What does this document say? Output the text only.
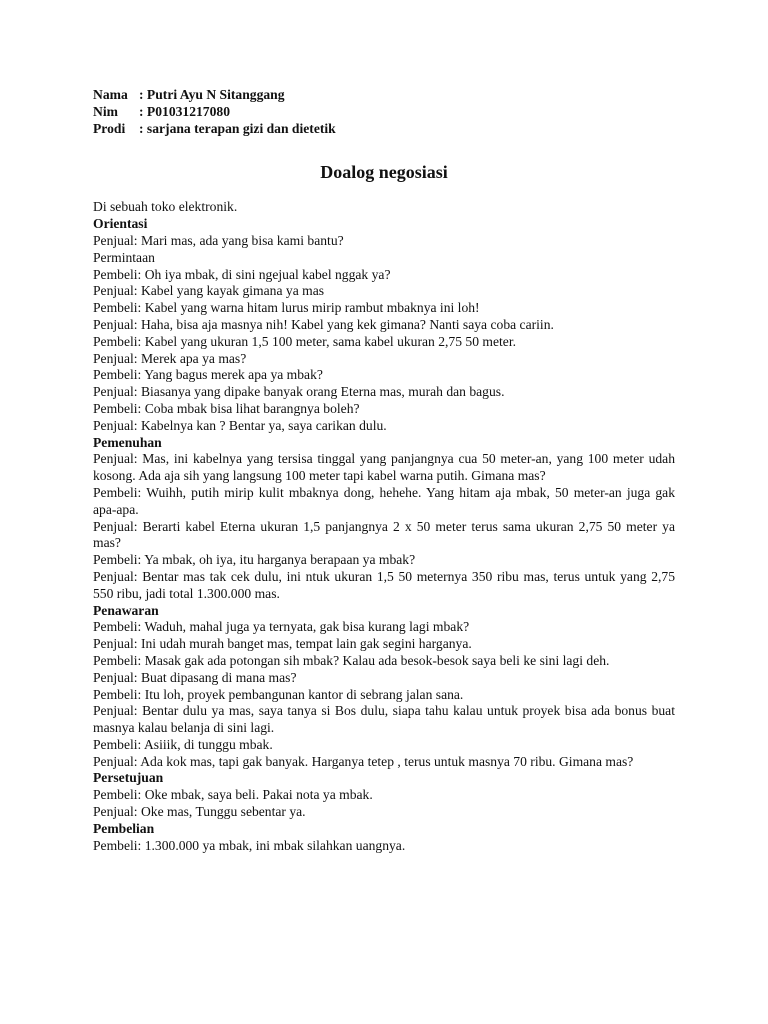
Nama	: Putri Ayu N Sitanggang
Nim	: P01031217080
Prodi	: sarjana terapan gizi dan dietetik
Doalog negosiasi

Di sebuah toko elektronik.

Orientasi

Penjual: Mari mas, ada yang bisa kami bantu?

Permintaan

Pembeli: Oh iya mbak, di sini ngejual kabel nggak ya?

Penjual: Kabel yang kayak gimana ya mas

Pembeli: Kabel yang warna hitam lurus mirip rambut mbaknya ini loh!

Penjual: Haha, bisa aja masnya nih! Kabel yang kek gimana? Nanti saya coba cariin.

Pembeli: Kabel yang ukuran 1,5 100 meter, sama kabel ukuran 2,75 50 meter.

Penjual: Merek apa ya mas?

Pembeli: Yang bagus merek apa ya mbak?

Penjual: Biasanya yang dipake banyak orang Eterna mas, murah dan bagus.

Pembeli: Coba mbak bisa lihat barangnya boleh?

Penjual: Kabelnya kan ? Bentar ya, saya carikan dulu.

Pemenuhan

Penjual: Mas, ini kabelnya yang tersisa tinggal yang panjangnya cua 50 meter-an, yang 100 meter udah kosong. Ada aja sih yang langsung 100 meter tapi kabel warna putih. Gimana mas?

Pembeli: Wuihh, putih mirip kulit mbaknya dong, hehehe. Yang hitam aja mbak, 50 meter-an juga gak apa-apa.

Penjual: Berarti kabel Eterna ukuran 1,5 panjangnya 2 x 50 meter terus sama ukuran 2,75 50 meter ya mas?

Pembeli: Ya mbak, oh iya, itu harganya berapaan ya mbak?

Penjual: Bentar mas tak cek dulu, ini ntuk ukuran 1,5 50 meternya 350 ribu mas, terus untuk yang 2,75 550 ribu, jadi total 1.300.000 mas.

Penawaran

Pembeli: Waduh, mahal juga ya ternyata, gak bisa kurang lagi mbak?

Penjual: Ini udah murah banget mas, tempat lain gak segini harganya.

Pembeli: Masak gak ada potongan sih mbak? Kalau ada besok-besok saya beli ke sini lagi deh.

Penjual: Buat dipasang di mana mas?

Pembeli: Itu loh, proyek pembangunan kantor di sebrang jalan sana.

Penjual: Bentar dulu ya mas, saya tanya si Bos dulu, siapa tahu kalau untuk proyek bisa ada bonus buat masnya kalau belanja di sini lagi.

Pembeli: Asiiik, di tunggu mbak.

Penjual: Ada kok mas, tapi gak banyak. Harganya tetep , terus untuk masnya 70 ribu. Gimana mas?

Persetujuan

Pembeli: Oke mbak, saya beli. Pakai nota ya mbak.

Penjual: Oke mas, Tunggu sebentar ya.

Pembelian

Pembeli: 1.300.000 ya mbak, ini mbak silahkan uangnya.
